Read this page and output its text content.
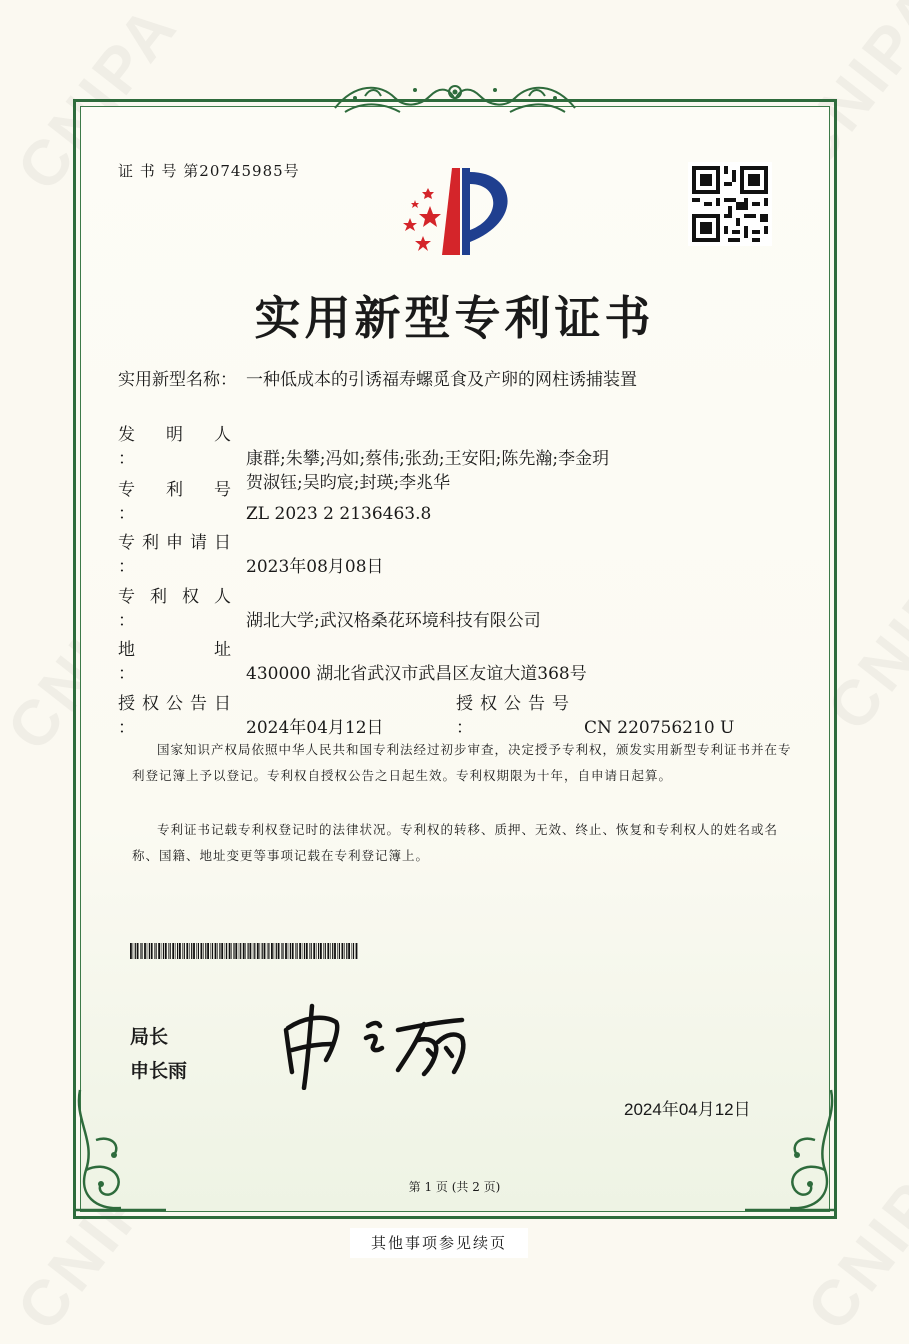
证 书 号 第20745985号
实用新型专利证书
实用新型名称： 一种低成本的引诱福寿螺觅食及产卵的网柱诱捕装置
发 明 人
：	康群;朱攀;冯如;蔡伟;张劲;王安阳;陈先瀚;李金玥
贺淑钰;吴昀宸;封瑛;李兆华
专 利 号
：	ZL 2023 2 2136463.8
专 利 申 请 日
：	2023年08月08日
专 利 权 人
：	湖北大学;武汉格桑花环境科技有限公司
地	址
：	430000 湖北省武汉市武昌区友谊大道368号
授 权 公 告 日
：	2024年04月12日
授 权 公 告 号
：	CN 220756210 U
国家知识产权局依照中华人民共和国专利法经过初步审查，决定授予专利权，颁发实用新型专利证书并在专利登记簿上予以登记。专利权自授权公告之日起生效。专利权期限为十年，自申请日起算。
专利证书记载专利权登记时的法律状况。专利权的转移、质押、无效、终止、恢复和专利权人的姓名或名称、国籍、地址变更等事项记载在专利登记簿上。
局长
申长雨
2024年04月12日
第 1 页 (共 2 页)
其他事项参见续页
